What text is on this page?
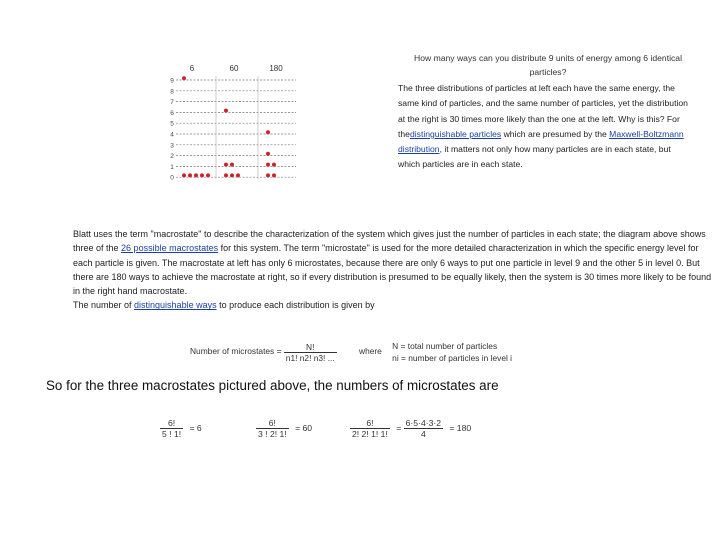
6	60	180
9
8
7
6
5
4
3
2
1
0
How many ways can you distribute 9 units of energy among 6 identical particles?
The three distributions of particles at left each have the same energy, the same kind of particles, and the same number of particles, yet the distribution at the right is 30 times more likely than the one at the left. Why is this? For thedistinguishable particles which are presumed by the Maxwell-Boltzmann distribution, it matters not only how many particles are in each state, but which particles are in each state.
Blatt uses the term "macrostate" to describe the characterization of the system which gives just the number of particles in each state; the diagram above shows three of the 26 possible macrostates for this system. The term "microstate" is used for the more detailed characterization in which the specific energy level for each particle is given. The macrostate at left has only 6 microstates, because there are only 6 ways to put one particle in level 9 and the other 5 in level 0. But there are 180 ways to achieve the macrostate at right, so if every distribution is presumed to be equally likely, then the system is 30 times more likely to be found in the right hand macrostate.
The number of distinguishable ways to produce each distribution is given by
Number of microstates = $\frac{N!}{n1! n2! n3! ...}$	where
N = total number of particles
ni = number of particles in level i
So for the three macrostates pictured above, the numbers of microstates are
$\frac{6!}{5 ! 1!} = 6$	$\frac{6!}{3 ! 2! 1!} = 60$	$\frac{6!}{2! 2! 1! 1!} = \frac{6\cdot 5\cdot 4\cdot 3\cdot 2}{4} = 180$
